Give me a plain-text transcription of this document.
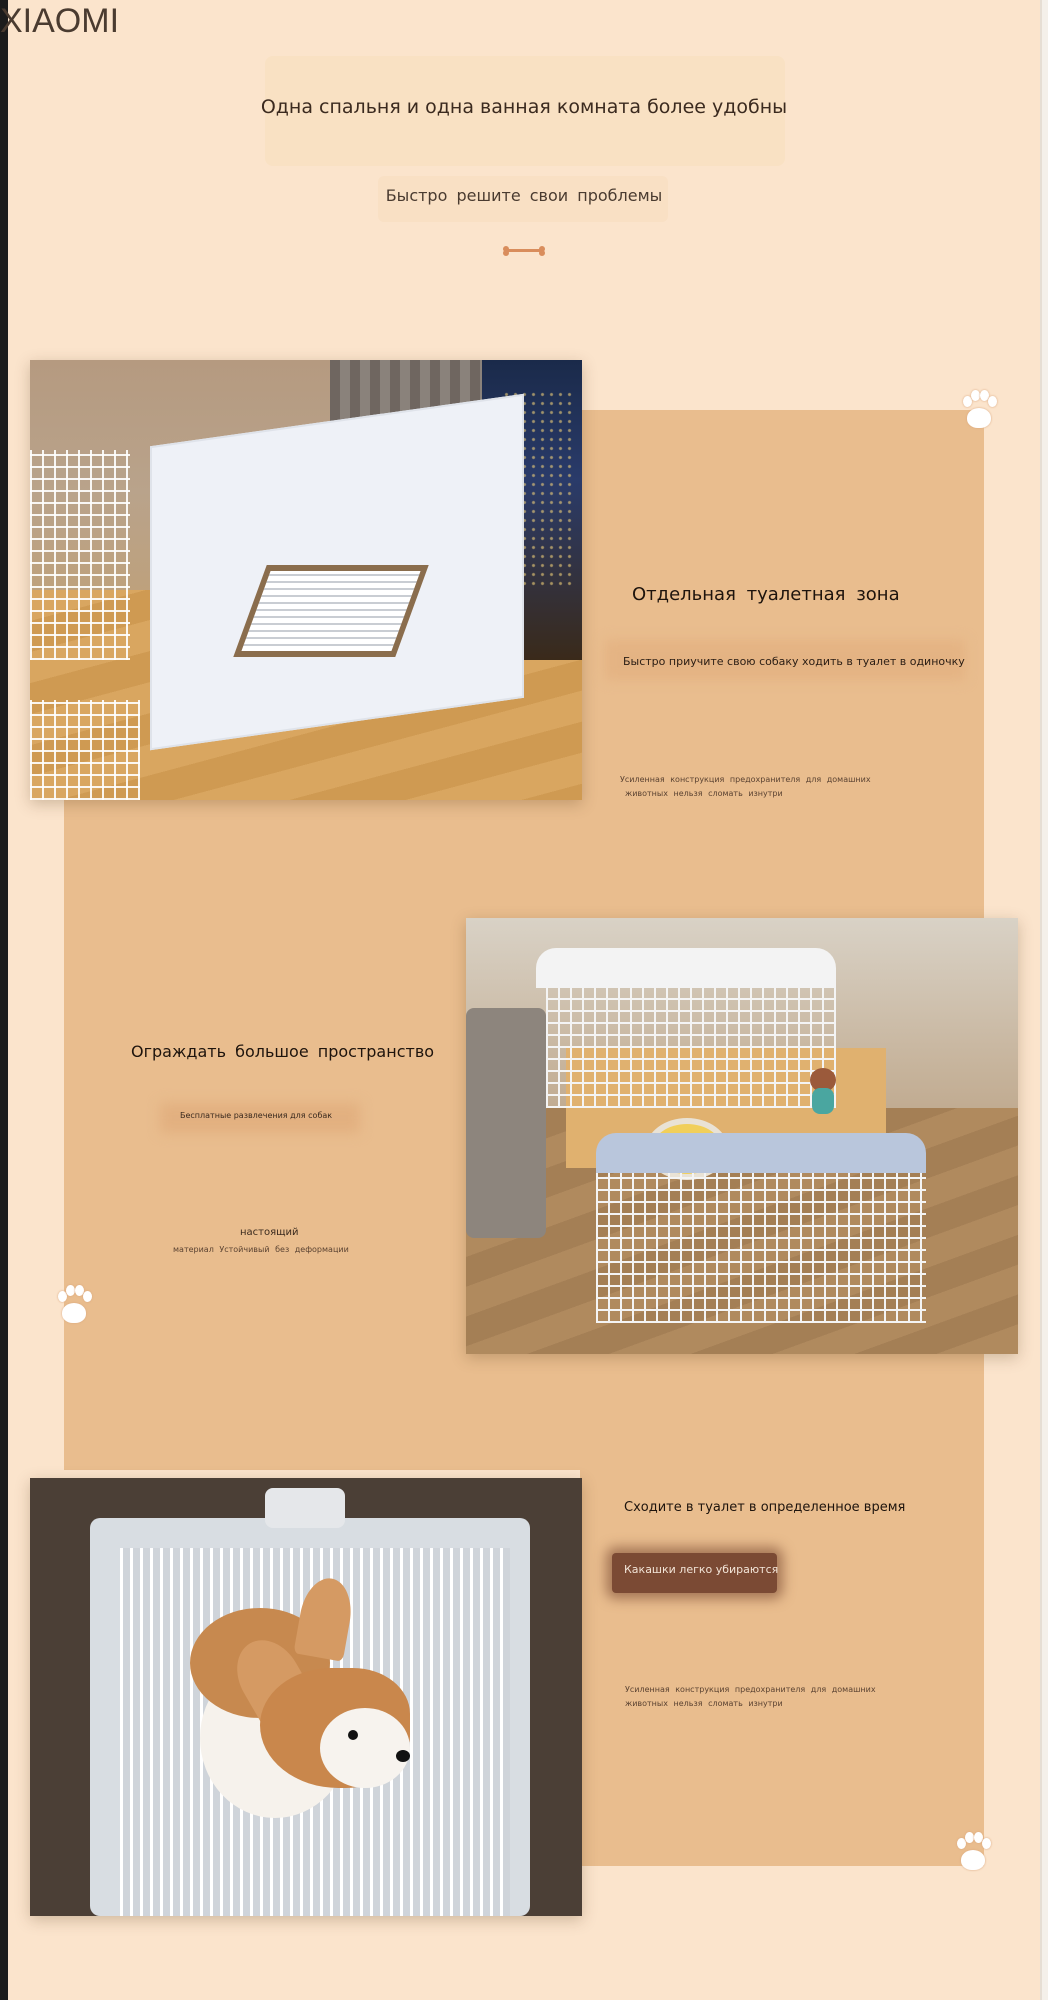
XIAOMI
Одна спальня и одна ванная комната более удобны
Быстро решите свои проблемы
Отдельная туалетная зона
Быстро приучите свою собаку ходить в туалет в одиночку
Усиленная конструкция предохранителя для домашних
животных нельзя сломать изнутри
Ограждать большое пространство
Бесплатные развлечения для собак
настоящий
материал Устойчивый без деформации
Сходите в туалет в определенное время
Какашки легко убираются
Усиленная конструкция предохранителя для домашних
животных нельзя сломать изнутри
